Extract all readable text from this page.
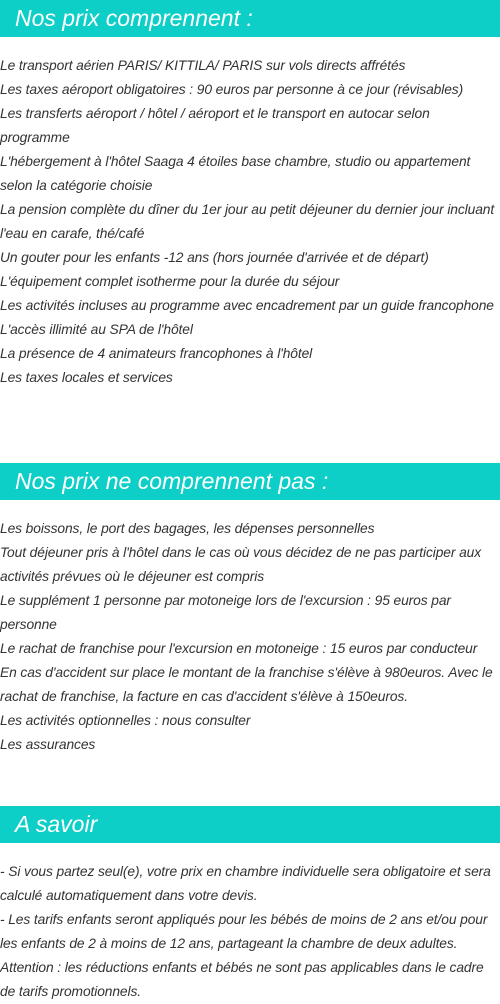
Nos prix comprennent :
Le transport aérien PARIS/ KITTILA/ PARIS sur vols directs affrétés
Les taxes aéroport obligatoires : 90 euros par personne à ce jour (révisables)
Les transferts aéroport / hôtel / aéroport et le transport en autocar selon programme
L'hébergement à l'hôtel Saaga 4 étoiles base chambre, studio ou appartement selon la catégorie choisie
La pension complète du dîner du 1er jour au petit déjeuner du dernier jour incluant l'eau en carafe, thé/café
Un gouter pour les enfants -12 ans (hors journée d'arrivée et de départ)
L'équipement complet isotherme pour la durée du séjour
Les activités incluses au programme avec encadrement par un guide francophone
L'accès illimité au SPA de l'hôtel
La présence de 4 animateurs francophones à l'hôtel
Les taxes locales et services
Nos prix ne comprennent pas :
Les boissons, le port des bagages, les dépenses personnelles
Tout déjeuner pris à l'hôtel dans le cas où vous décidez de ne pas participer aux activités prévues où le déjeuner est compris
Le supplément 1 personne par motoneige lors de l'excursion : 95 euros par personne
Le rachat de franchise pour l'excursion en motoneige : 15 euros par conducteur
En cas d'accident sur place le montant de la franchise s'élève à 980euros. Avec le rachat de franchise, la facture en cas d'accident s'élève à 150euros.
Les activités optionnelles : nous consulter
Les assurances
A savoir
- Si vous partez seul(e), votre prix en chambre individuelle sera obligatoire et sera calculé automatiquement dans votre devis.
- Les tarifs enfants seront appliqués pour les bébés de moins de 2 ans et/ou pour les enfants de 2 à moins de 12 ans, partageant la chambre de deux adultes.
Attention : les réductions enfants et bébés ne sont pas applicables dans le cadre de tarifs promotionnels.
